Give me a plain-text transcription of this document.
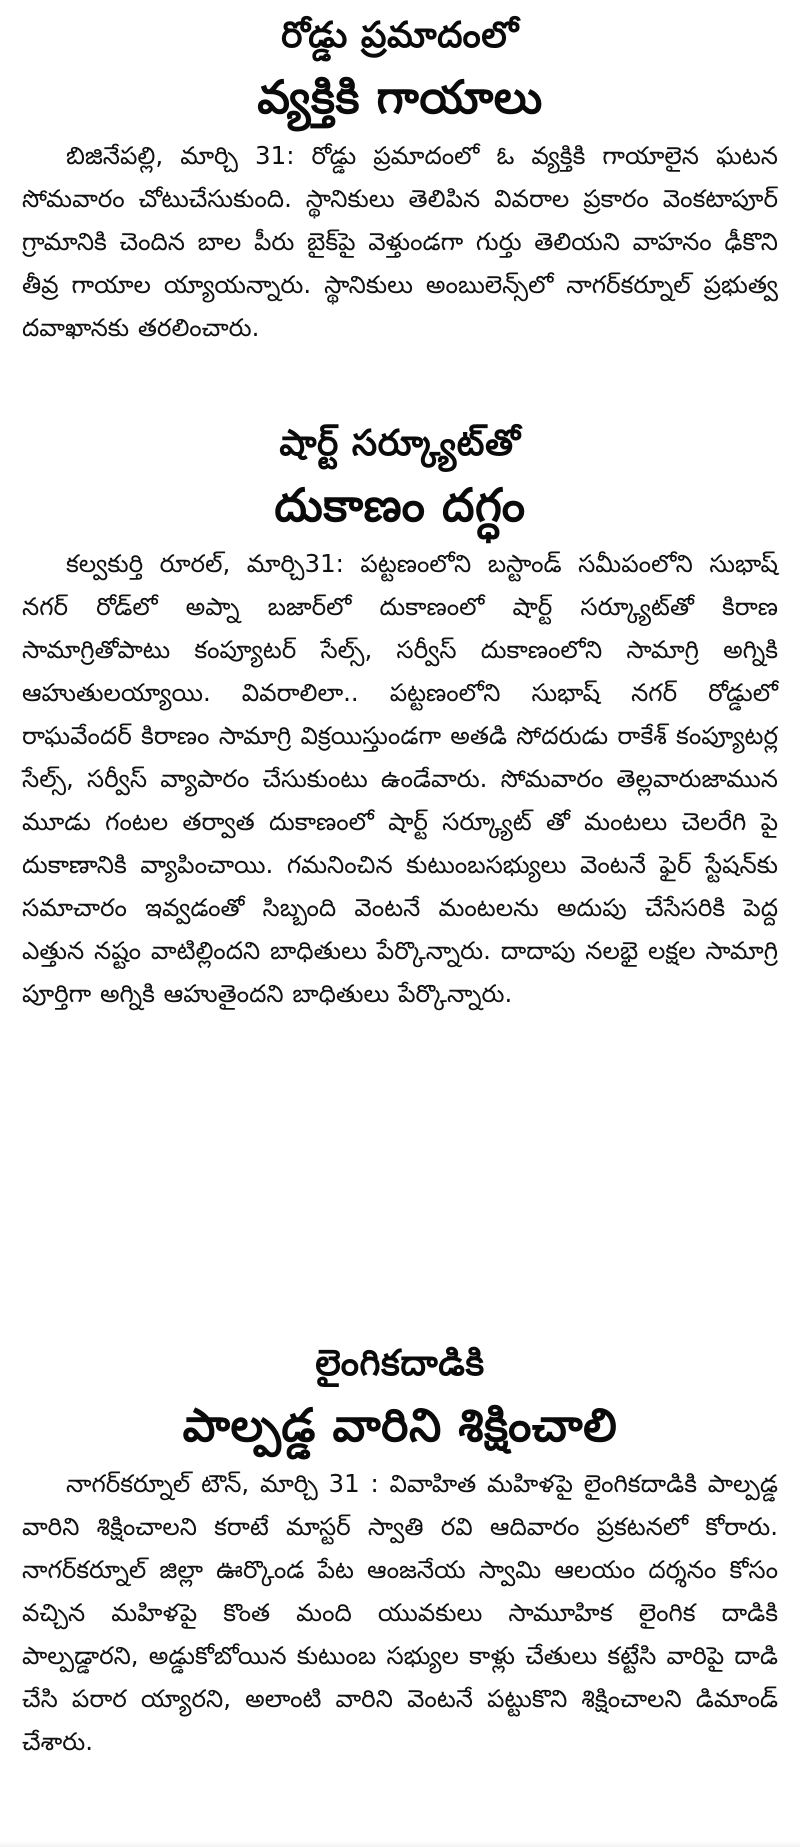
రోడ్డు ప్రమాదంలో
వ్యక్తికి గాయాలు

బిజినేపల్లి, మార్చి 31: రోడ్డు ప్రమాదంలో ఓ వ్యక్తికి గాయాలైన ఘటన సోమవారం చోటుచేసుకుంది. స్థానికులు తెలిపిన వివరాల ప్రకారం వెంకటాపూర్ గ్రామానికి చెందిన బాల పీరు బైక్‌పై వెళ్తుండగా గుర్తు తెలియని వాహనం ఢీకొని తీవ్ర గాయాల య్యాయన్నారు. స్థానికులు అంబులెన్స్‌లో నాగర్‌కర్నూల్ ప్రభుత్వ దవాఖానకు తరలించారు.

షార్ట్ సర్క్యూట్‌తో
దుకాణం దగ్ధం

కల్వకుర్తి రూరల్, మార్చి31: పట్టణంలోని బస్టాండ్ సమీపంలోని సుభాష్ నగర్ రోడ్‌లో అప్నా బజార్‌లో దుకాణంలో షార్ట్ సర్క్యూట్‌తో కిరాణ సామాగ్రితోపాటు కంప్యూటర్ సేల్స్, సర్వీస్ దుకాణంలోని సామాగ్రి అగ్నికి ఆహుతులయ్యాయి. వివరాలిలా.. పట్టణంలోని సుభాష్ నగర్ రోడ్డులో రాఘవేందర్ కిరాణం సామాగ్రి విక్రయిస్తుండగా అతడి సోదరుడు రాకేశ్ కంప్యూటర్ల సేల్స్, సర్వీస్ వ్యాపారం చేసుకుంటు ఉండేవారు. సోమవారం తెల్లవారుజామున మూడు గంటల తర్వాత దుకాణంలో షార్ట్ సర్క్యూట్ తో మంటలు చెలరేగి పై దుకాణానికి వ్యాపించాయి. గమనించిన కుటుంబసభ్యులు వెంటనే ఫైర్ స్టేషన్‌కు సమాచారం ఇవ్వడంతో సిబ్బంది వెంటనే మంటలను అదుపు చేసేసరికి పెద్ద ఎత్తున నష్టం వాటిల్లిందని బాధితులు పేర్కొన్నారు. దాదాపు నలభై లక్షల సామాగ్రి పూర్తిగా అగ్నికి ఆహుతైందని బాధితులు పేర్కొన్నారు.

లైంగికదాడికి
పాల్పడ్డ వారిని శిక్షించాలి

నాగర్‌కర్నూల్ టౌన్, మార్చి 31 : వివాహిత మహిళపై లైంగికదాడికి పాల్పడ్డ వారిని శిక్షించాలని కరాటే మాస్టర్ స్వాతి రవి ఆదివారం ప్రకటనలో కోరారు. నాగర్‌కర్నూల్ జిల్లా ఊర్కొండ పేట ఆంజనేయ స్వామి ఆలయం దర్శనం కోసం వచ్చిన మహిళపై కొంత మంది యువకులు సామూహిక లైంగిక దాడికి పాల్పడ్డారని, అడ్డుకోబోయిన కుటుంబ సభ్యుల కాళ్లు చేతులు కట్టేసి వారిపై దాడి చేసి పరార య్యారని, అలాంటి వారిని వెంటనే పట్టుకొని శిక్షించాలని డిమాండ్ చేశారు.
